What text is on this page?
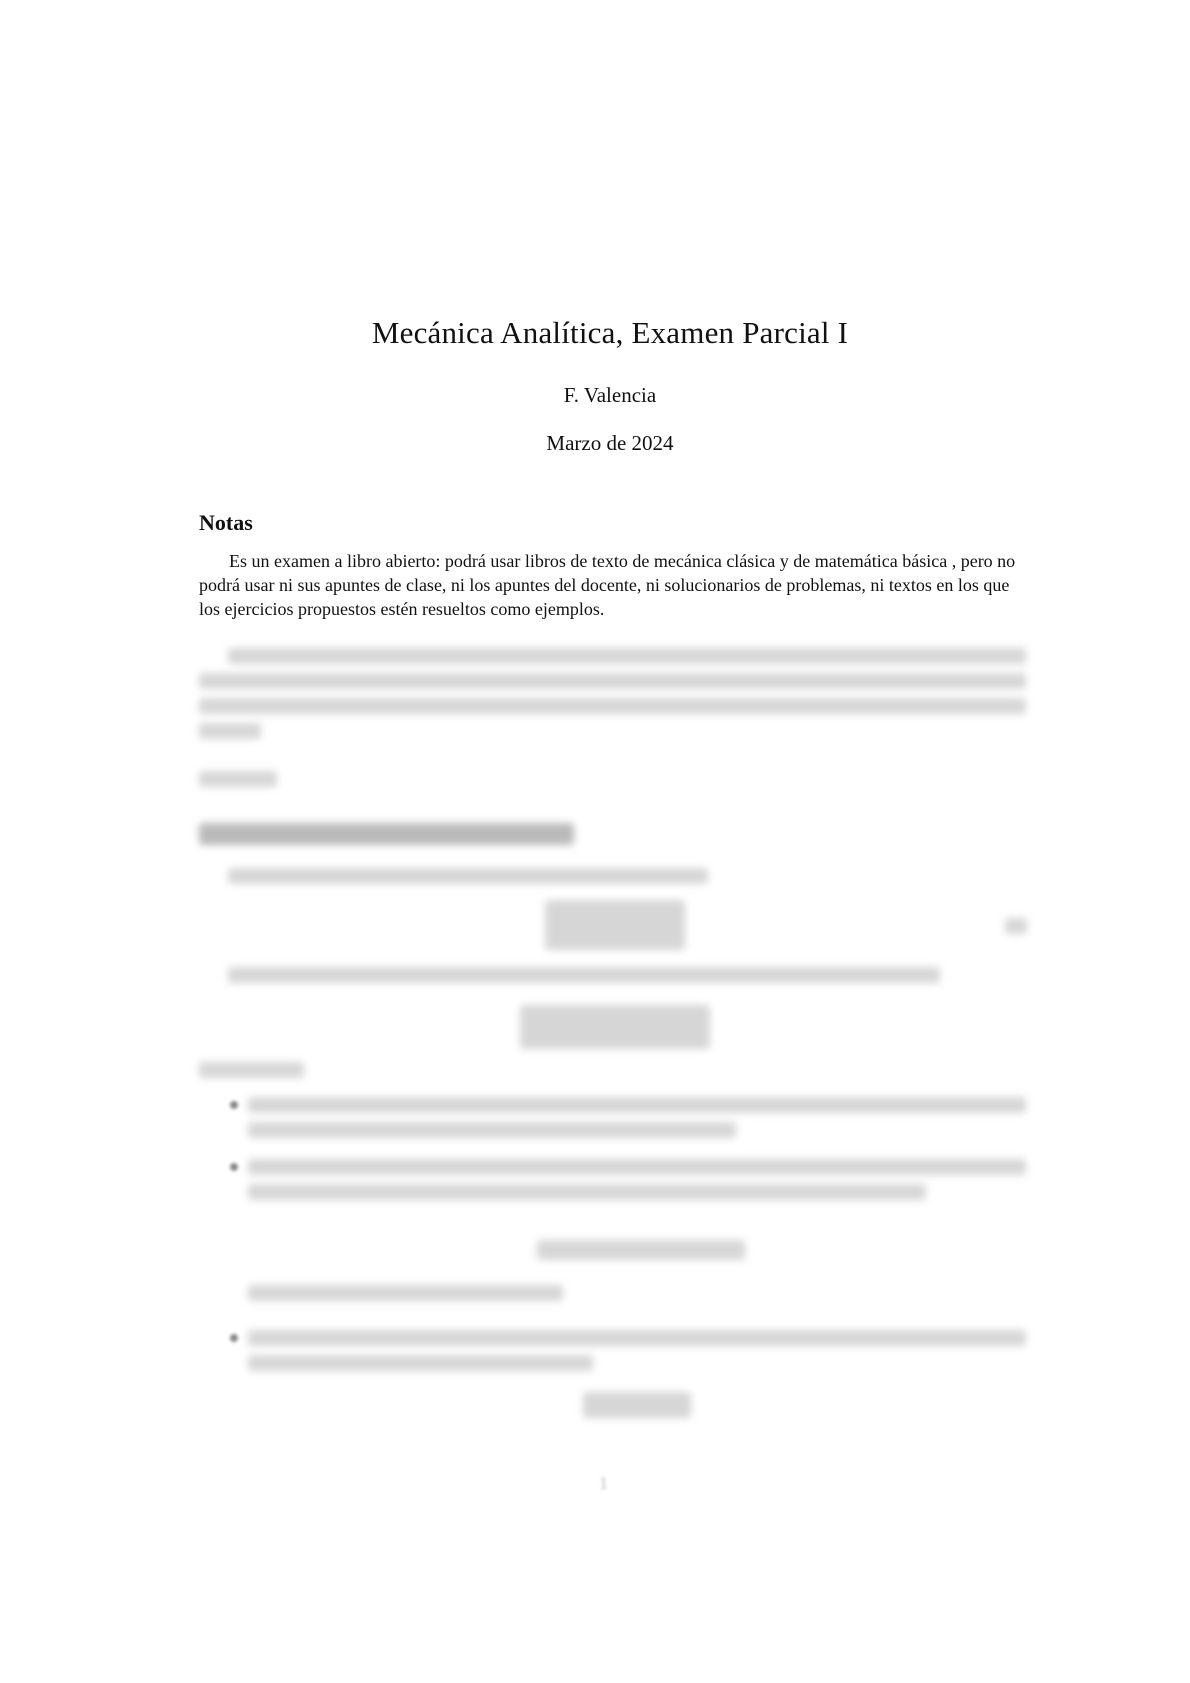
Mecánica Analítica, Examen Parcial I
F. Valencia
Marzo de 2024
Notas
Es un examen a libro abierto: podrá usar libros de texto de mecánica clásica y de matemática básica , pero no podrá usar ni sus apuntes de clase, ni los apuntes del docente, ni solucionarios de problemas, ni textos en los que los ejercicios propuestos estén resueltos como ejemplos.
1
